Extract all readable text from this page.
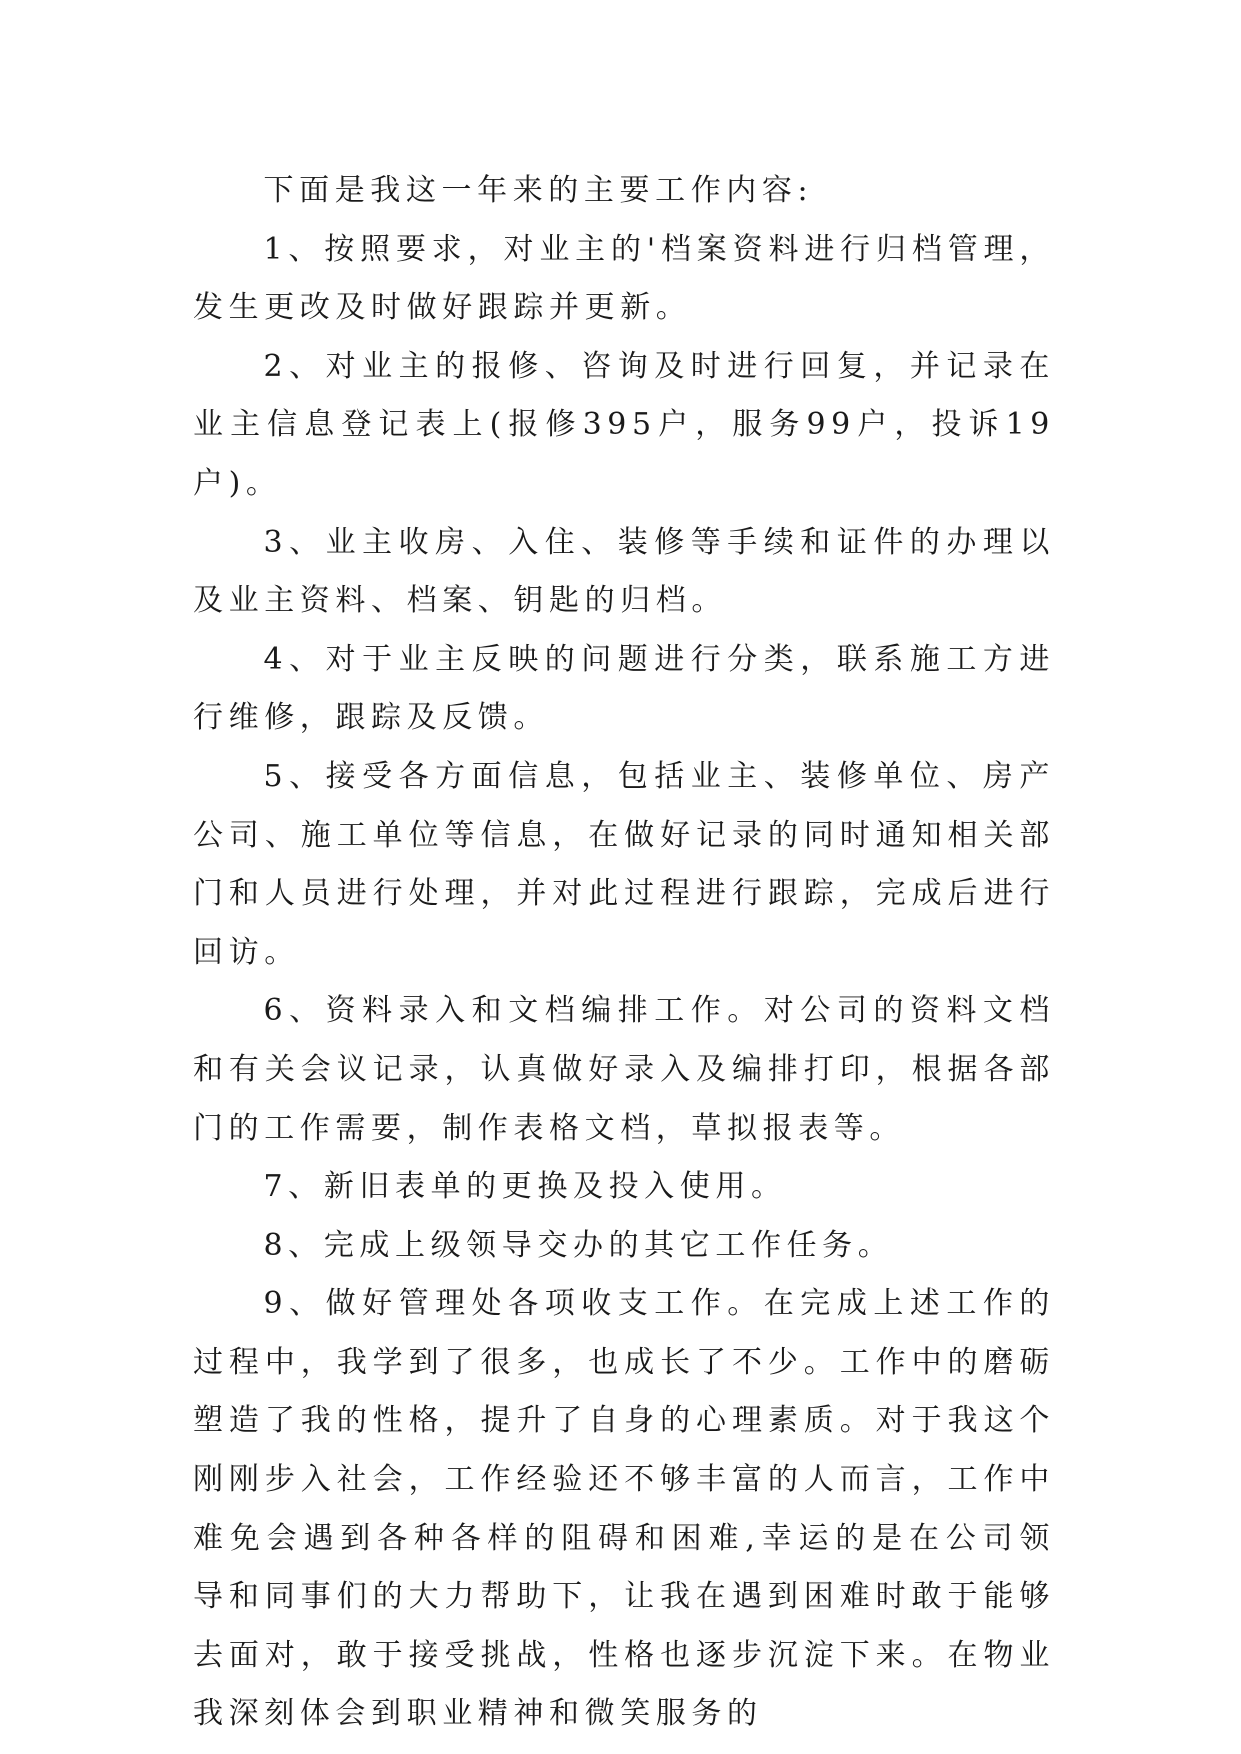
下面是我这一年来的主要工作内容:

1、按照要求，对业主的'档案资料进行归档管理，发生更改及时做好跟踪并更新。

2、对业主的报修、咨询及时进行回复，并记录在业主信息登记表上(报修395户，服务99户，投诉19户)。

3、业主收房、入住、装修等手续和证件的办理以及业主资料、档案、钥匙的归档。

4、对于业主反映的问题进行分类，联系施工方进行维修，跟踪及反馈。

5、接受各方面信息，包括业主、装修单位、房产公司、施工单位等信息，在做好记录的同时通知相关部门和人员进行处理，并对此过程进行跟踪，完成后进行回访。

6、资料录入和文档编排工作。对公司的资料文档和有关会议记录，认真做好录入及编排打印，根据各部门的工作需要，制作表格文档，草拟报表等。

7、新旧表单的更换及投入使用。

8、完成上级领导交办的其它工作任务。

9、做好管理处各项收支工作。在完成上述工作的过程中，我学到了很多，也成长了不少。工作中的磨砺塑造了我的性格，提升了自身的心理素质。对于我这个刚刚步入社会，工作经验还不够丰富的人而言，工作中难免会遇到各种各样的阻碍和困难,幸运的是在公司领导和同事们的大力帮助下，让我在遇到困难时敢于能够去面对，敢于接受挑战，性格也逐步沉淀下来。在物业我深刻体会到职业精神和微笑服务的
